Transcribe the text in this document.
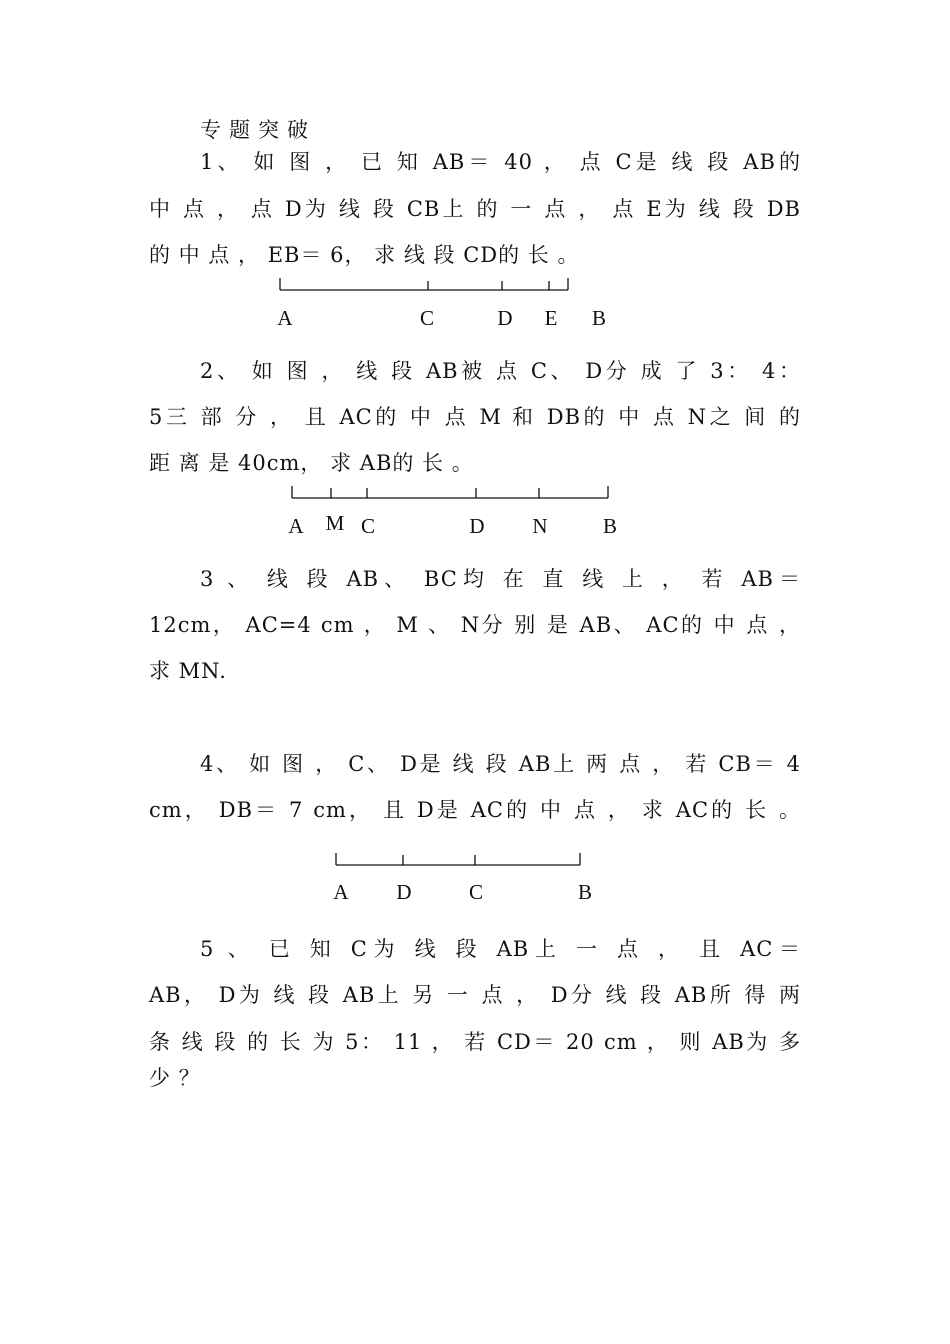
专题突破
1、 如 图 ， 已 知 AB＝ 40 ， 点 C是 线 段 AB的
中 点 ， 点 D为 线 段 CB上 的 一 点 ， 点 E为 线 段 DB
的 中 点 ， EB＝ 6， 求 线 段 CD的 长 。
2、 如 图 ， 线 段 AB被 点 C、 D分 成 了 3： 4：
5三 部 分 ， 且 AC的 中 点 M 和 DB的 中 点 N之 间 的
距 离 是 40cm， 求 AB的 长 。
3 、 线 段 AB、 BC均 在 直 线 上 ， 若 AB＝
12cm， AC=4 cm ， M 、 N分 别 是 AB、 AC的 中 点 ，
求 MN.
4、 如 图 ， C、 D是 线 段 AB上 两 点 ， 若 CB＝ 4
cm， DB＝ 7 cm， 且 D是 AC的 中 点 ， 求 AC的 长 。
5 、 已 知 C为 线 段 AB上 一 点 ， 且 AC＝
AB， D为 线 段 AB上 另 一 点 ， D分 线 段 AB所 得 两
条 线 段 的 长 为 5： 11 ， 若 CD＝ 20 cm ， 则 AB为 多
少 ？
A	C	D E B
A M C	D N	B
A D	C	B
